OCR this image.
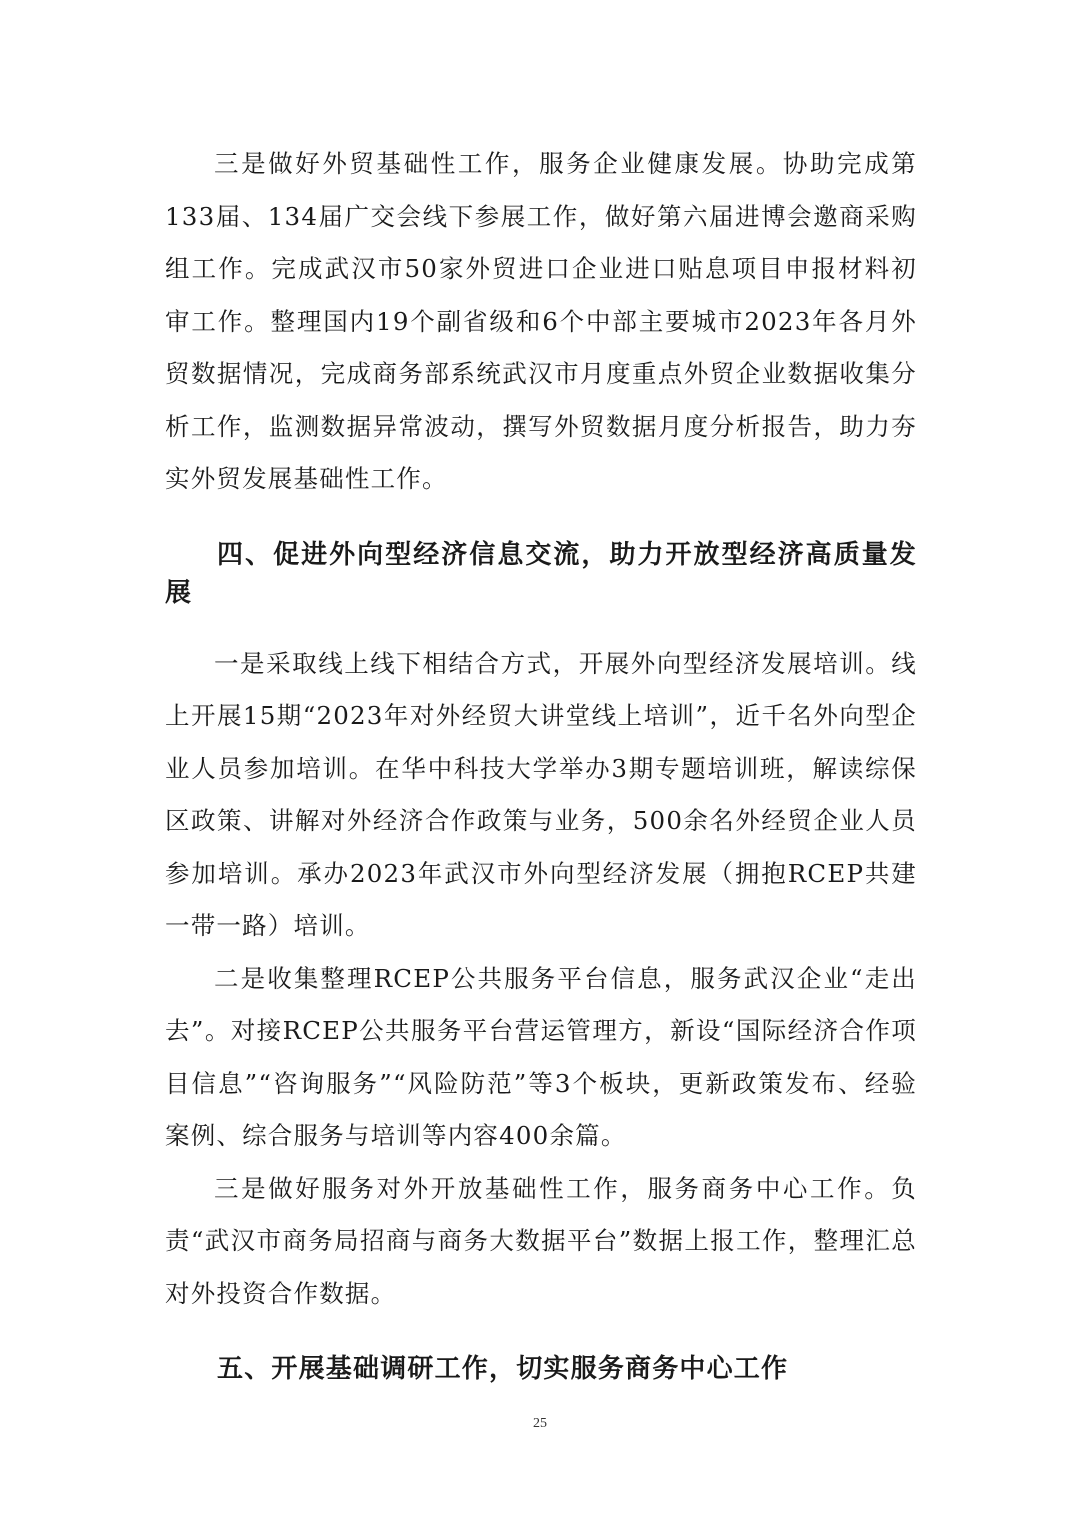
三是做好外贸基础性工作，服务企业健康发展。协助完成第133届、134届广交会线下参展工作，做好第六届进博会邀商采购组工作。完成武汉市50家外贸进口企业进口贴息项目申报材料初审工作。整理国内19个副省级和6个中部主要城市2023年各月外贸数据情况，完成商务部系统武汉市月度重点外贸企业数据收集分析工作，监测数据异常波动，撰写外贸数据月度分析报告，助力夯实外贸发展基础性工作。

四、促进外向型经济信息交流，助力开放型经济高质量发展

一是采取线上线下相结合方式，开展外向型经济发展培训。线上开展15期“2023年对外经贸大讲堂线上培训”，近千名外向型企业人员参加培训。在华中科技大学举办3期专题培训班，解读综保区政策、讲解对外经济合作政策与业务，500余名外经贸企业人员参加培训。承办2023年武汉市外向型经济发展（拥抱RCEP共建一带一路）培训。

二是收集整理RCEP公共服务平台信息，服务武汉企业“走出去”。对接RCEP公共服务平台营运管理方，新设“国际经济合作项目信息”“咨询服务”“风险防范”等3个板块，更新政策发布、经验案例、综合服务与培训等内容400余篇。

三是做好服务对外开放基础性工作，服务商务中心工作。负责“武汉市商务局招商与商务大数据平台”数据上报工作，整理汇总对外投资合作数据。

五、开展基础调研工作，切实服务商务中心工作
25
